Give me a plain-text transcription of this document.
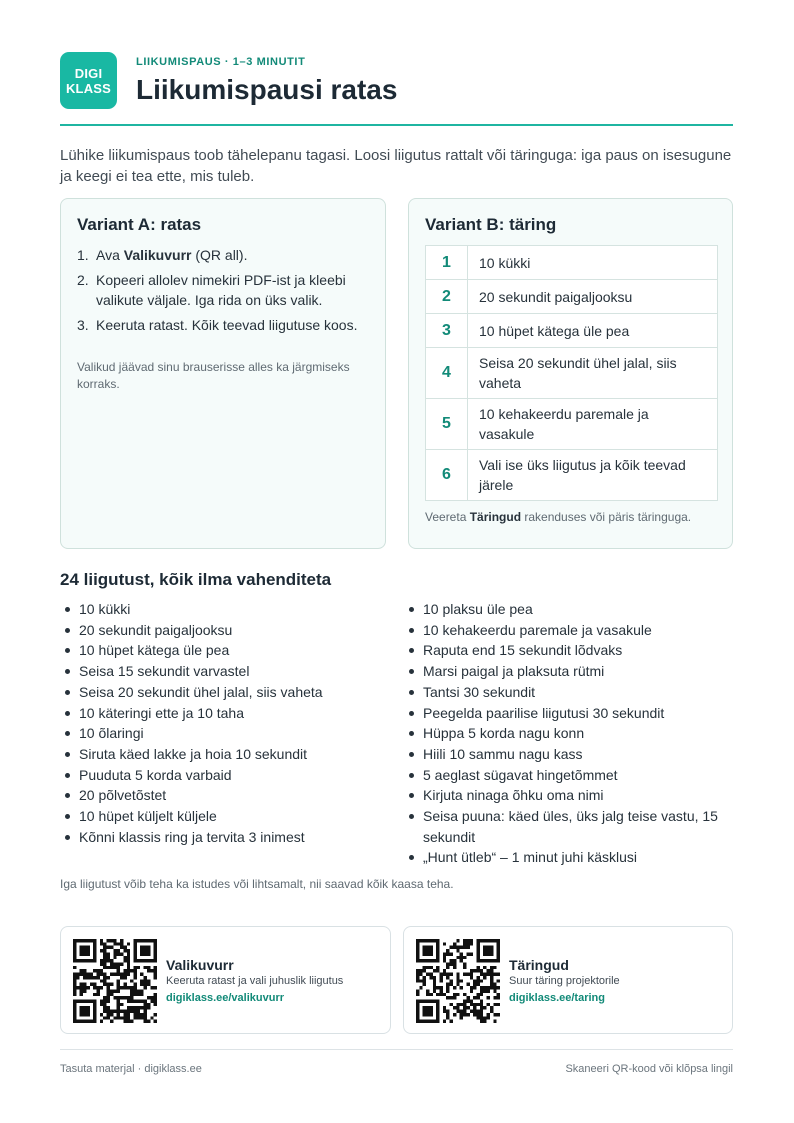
DIGI
KLASS
LIIKUMISPAUS · 1–3 MINUTIT
Liikumispausi ratas

Lühike liikumispaus toob tähelepanu tagasi. Loosi liigutus rattalt või täringuga: iga paus on isesugune ja keegi ei tea ette, mis tuleb.

Variant A: ratas
1. Ava Valikuvurr (QR all).
2. Kopeeri allolev nimekiri PDF-ist ja kleebi valikute väljale. Iga rida on üks valik.
3. Keeruta ratast. Kõik teevad liigutuse koos.

Valikud jäävad sinu brauserisse alles ka järgmiseks korraks.

Variant B: täring
1	10 kükki
2	20 sekundit paigaljooksu
3	10 hüpet kätega üle pea
4	Seisa 20 sekundit ühel jalal, siis vaheta
5	10 kehakeerdu paremale ja vasakule
6	Vali ise üks liigutus ja kõik teevad järele

Veereta Täringud rakenduses või päris täringuga.

24 liigutust, kõik ilma vahenditeta
10 kükki
20 sekundit paigaljooksu
10 hüpet kätega üle pea
Seisa 15 sekundit varvastel
Seisa 20 sekundit ühel jalal, siis vaheta
10 käteringi ette ja 10 taha
10 õlaringi
Siruta käed lakke ja hoia 10 sekundit
Puuduta 5 korda varbaid
20 põlvetõstet
10 hüpet küljelt küljele
Kõnni klassis ring ja tervita 3 inimest
10 plaksu üle pea
10 kehakeerdu paremale ja vasakule
Raputa end 15 sekundit lõdvaks
Marsi paigal ja plaksuta rütmi
Tantsi 30 sekundit
Peegelda paarilise liigutusi 30 sekundit
Hüppa 5 korda nagu konn
Hiili 10 sammu nagu kass
5 aeglast sügavat hingetõmmet
Kirjuta ninaga õhku oma nimi
Seisa puuna: käed üles, üks jalg teise vastu, 15 sekundit
„Hunt ütleb“ – 1 minut juhi käsklusi

Iga liigutust võib teha ka istudes või lihtsamalt, nii saavad kõik kaasa teha.

Valikuvurr
Keeruta ratast ja vali juhuslik liigutus
digiklass.ee/valikuvurr
Täringud
Suur täring projektorile
digiklass.ee/taring
Tasuta materjal · digiklass.ee	Skaneeri QR-kood või klõpsa lingil
